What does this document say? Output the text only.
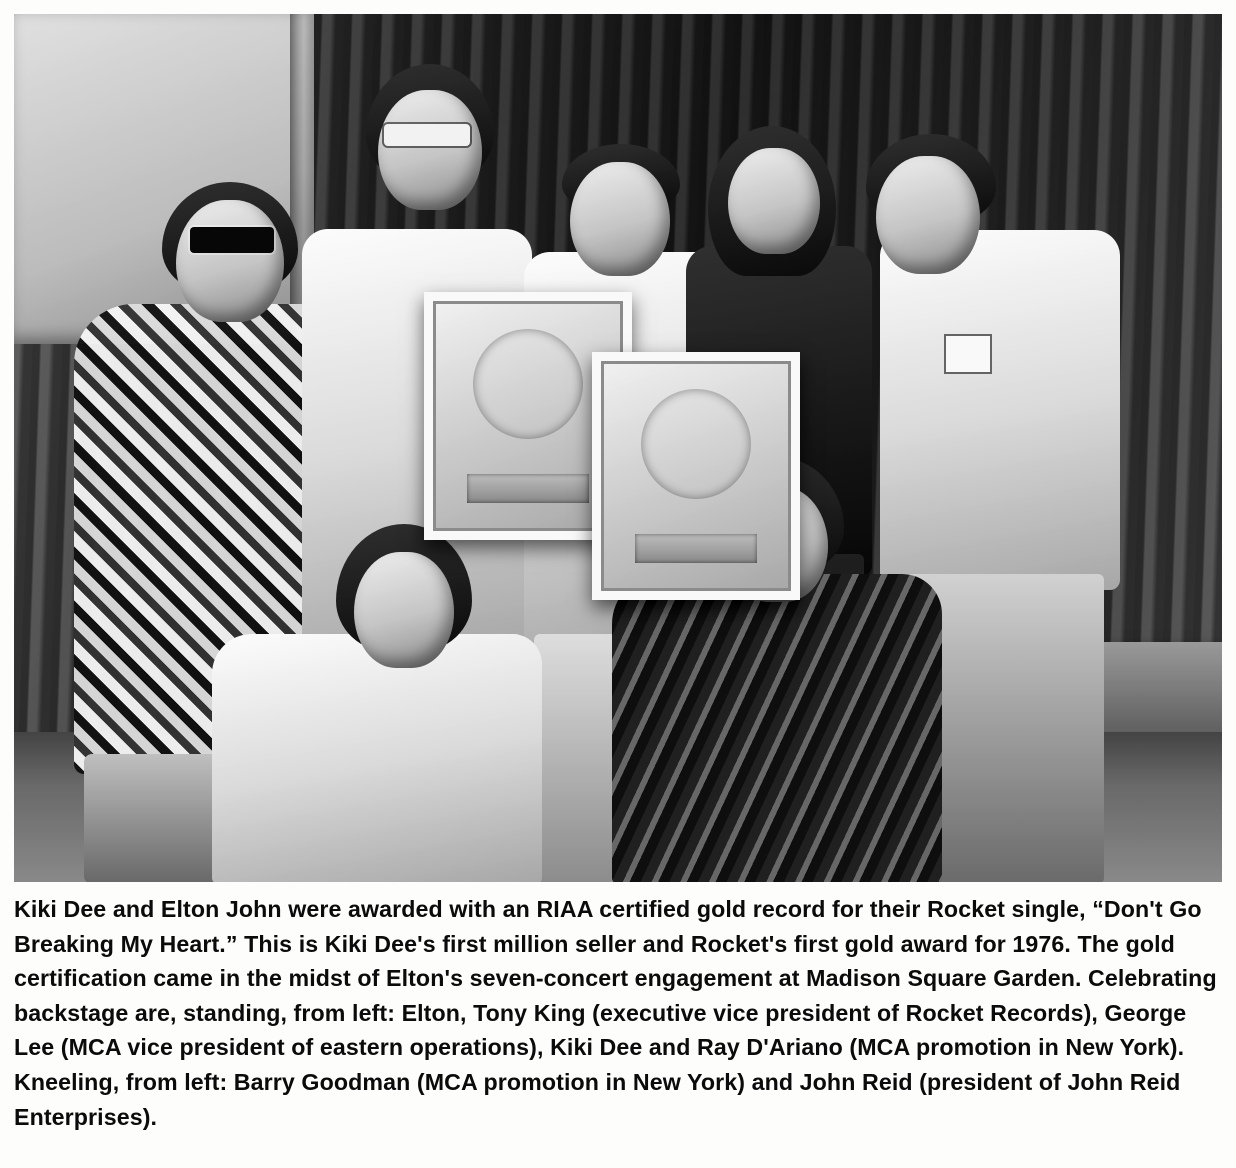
Kiki Dee and Elton John were awarded with an RIAA certified gold record for their Rocket single, “Don't Go Breaking My Heart.” This is Kiki Dee's first million seller and Rocket's first gold award for 1976. The gold certification came in the midst of Elton's seven-concert engagement at Madison Square Garden. Celebrating backstage are, standing, from left: Elton, Tony King (executive vice president of Rocket Records), George Lee (MCA vice president of eastern operations), Kiki Dee and Ray D'Ariano (MCA promotion in New York). Kneeling, from left: Barry Goodman (MCA promotion in New York) and John Reid (president of John Reid Enterprises).
